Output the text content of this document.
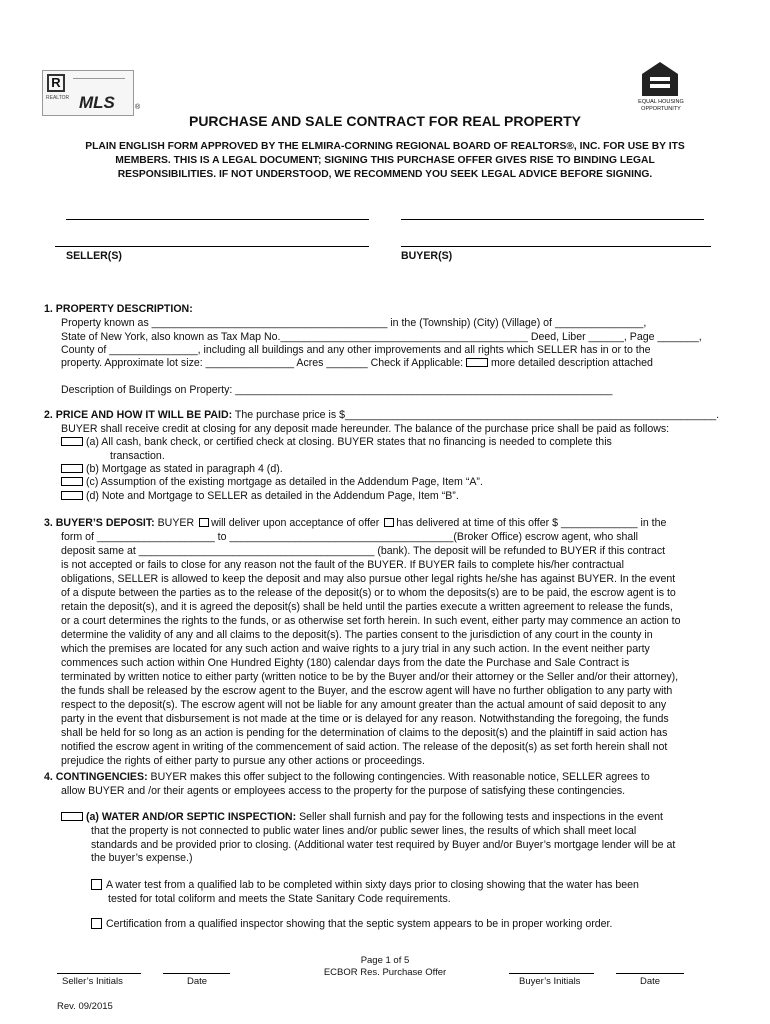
R
REALTOR MLS	®
EQUAL HOUSING OPPORTUNITY
PURCHASE AND SALE CONTRACT FOR REAL PROPERTY
PLAIN ENGLISH FORM APPROVED BY THE ELMIRA-CORNING REGIONAL BOARD OF REALTORS®, INC. FOR USE BY ITS
MEMBERS. THIS IS A LEGAL DOCUMENT; SIGNING THIS PURCHASE OFFER GIVES RISE TO BINDING LEGAL
RESPONSIBILITIES. IF NOT UNDERSTOOD, WE RECOMMEND YOU SEEK LEGAL ADVICE BEFORE SIGNING.
SELLER(S)	BUYER(S)
1. PROPERTY DESCRIPTION:
Property known as ________________________________________ in the (Township) (City) (Village) of _______________,
State of New York, also known as Tax Map No.__________________________________________ Deed, Liber ______, Page _______,
County of _______________, including all buildings and any other improvements and all rights which SELLER has in or to the
property. Approximate lot size: _______________ Acres _______ Check if Applicable:	more detailed description attached
Description of Buildings on Property: ________________________________________________________________
2. PRICE AND HOW IT WILL BE PAID: The purchase price is $_______________________________________________________________.
BUYER shall receive credit at closing for any deposit made hereunder. The balance of the purchase price shall be paid as follows:
(a) All cash, bank check, or certified check at closing. BUYER states that no financing is needed to complete this
transaction.
(b) Mortgage as stated in paragraph 4 (d).
(c) Assumption of the existing mortgage as detailed in the Addendum Page, Item “A”.
(d) Note and Mortgage to SELLER as detailed in the Addendum Page, Item “B”.
3. BUYER’S DEPOSIT: BUYER will deliver upon acceptance of offer has delivered at time of this offer $ _____________ in the
form of ____________________ to ______________________________________(Broker Office) escrow agent, who shall
deposit same at ________________________________________ (bank). The deposit will be refunded to BUYER if this contract
is not accepted or fails to close for any reason not the fault of the BUYER. If BUYER fails to complete his/her contractual
obligations, SELLER is allowed to keep the deposit and may also pursue other legal rights he/she has against BUYER. In the event
of a dispute between the parties as to the release of the deposit(s) or to whom the deposits(s) are to be paid, the escrow agent is to
retain the deposit(s), and it is agreed the deposit(s) shall be held until the parties execute a written agreement to release the funds,
or a court determines the rights to the funds, or as otherwise set forth herein. In such event, either party may commence an action to
determine the validity of any and all claims to the deposit(s). The parties consent to the jurisdiction of any court in the county in
which the premises are located for any such action and waive rights to a jury trial in any such action. In the event neither party
commences such action within One Hundred Eighty (180) calendar days from the date the Purchase and Sale Contract is
terminated by written notice to either party (written notice to be by the Buyer and/or their attorney or the Seller and/or their attorney),
the funds shall be released by the escrow agent to the Buyer, and the escrow agent will have no further obligation to any party with
respect to the deposit(s). The escrow agent will not be liable for any amount greater than the actual amount of said deposit to any
party in the event that disbursement is not made at the time or is delayed for any reason. Notwithstanding the foregoing, the funds
shall be held for so long as an action is pending for the determination of claims to the deposit(s) and the plaintiff in said action has
notified the escrow agent in writing of the commencement of said action. The release of the deposit(s) as set forth herein shall not
prejudice the rights of either party to pursue any other actions or proceedings.
4. CONTINGENCIES: BUYER makes this offer subject to the following contingencies. With reasonable notice, SELLER agrees to
allow BUYER and /or their agents or employees access to the property for the purpose of satisfying these contingencies.
(a) WATER AND/OR SEPTIC INSPECTION: Seller shall furnish and pay for the following tests and inspections in the event
that the property is not connected to public water lines and/or public sewer lines, the results of which shall meet local
standards and be provided prior to closing. (Additional water test required by Buyer and/or Buyer’s mortgage lender will be at
the buyer’s expense.)
A water test from a qualified lab to be completed within sixty days prior to closing showing that the water has been
tested for total coliform and meets the State Sanitary Code requirements.
Certification from a qualified inspector showing that the septic system appears to be in proper working order.
Page 1 of 5
ECBOR Res. Purchase Offer
Seller’s Initials	Date	Buyer’s Initials	Date
Rev. 09/2015
